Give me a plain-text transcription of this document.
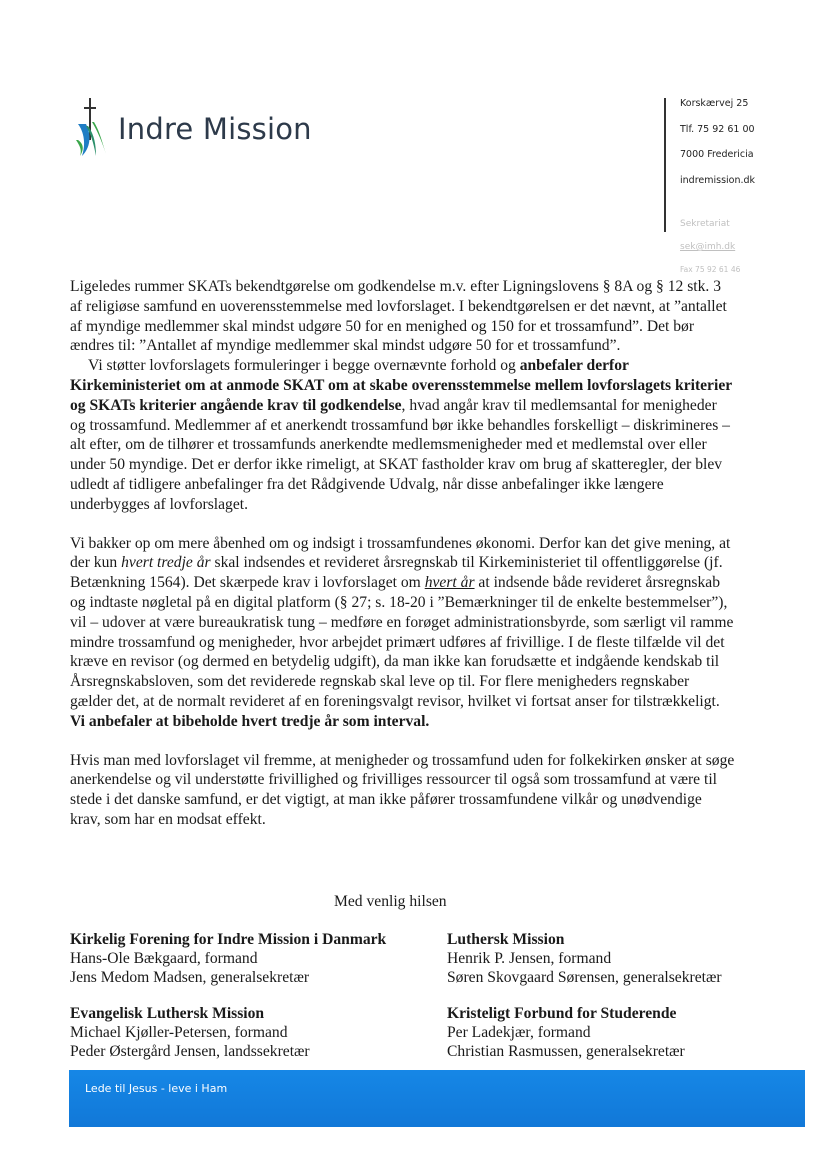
Indre Mission
Korskærvej 25
Tlf. 75 92 61 00
7000 Fredericia
indremission.dk
Sekretariat
sek@imh.dk
Fax 75 92 61 46

Ligeledes rummer SKATs bekendtgørelse om godkendelse m.v. efter Ligningslovens § 8A og § 12 stk. 3 af religiøse samfund en uoverensstemmelse med lovforslaget. I bekendtgørelsen er det nævnt, at ”antallet af myndige medlemmer skal mindst udgøre 50 for en menighed og 150 for et trossamfund”. Det bør ændres til: ”Antallet af myndige medlemmer skal mindst udgøre 50 for et trossamfund”.

Vi støtter lovforslagets formuleringer i begge overnævnte forhold og anbefaler derfor Kirkeministeriet om at anmode SKAT om at skabe overensstemmelse mellem lovforslagets kriterier og SKATs kriterier angående krav til godkendelse, hvad angår krav til medlemsantal for menigheder og trossamfund. Medlemmer af et anerkendt trossamfund bør ikke behandles forskelligt – diskrimineres – alt efter, om de tilhører et trossamfunds anerkendte medlemsmenigheder med et medlemstal over eller under 50 myndige. Det er derfor ikke rimeligt, at SKAT fastholder krav om brug af skatteregler, der blev udledt af tidligere anbefalinger fra det Rådgivende Udvalg, når disse anbefalinger ikke længere underbygges af lovforslaget.

Vi bakker op om mere åbenhed om og indsigt i trossamfundenes økonomi. Derfor kan det give mening, at der kun hvert tredje år skal indsendes et revideret årsregnskab til Kirkeministeriet til offentliggørelse (jf. Betænkning 1564). Det skærpede krav i lovforslaget om hvert år at indsende både revideret årsregnskab og indtaste nøgletal på en digital platform (§ 27; s. 18-20 i ”Bemærkninger til de enkelte bestemmelser”), vil – udover at være bureaukratisk tung – medføre en forøget administrationsbyrde, som særligt vil ramme mindre trossamfund og menigheder, hvor arbejdet primært udføres af frivillige. I de fleste tilfælde vil det kræve en revisor (og dermed en betydelig udgift), da man ikke kan forudsætte et indgående kendskab til Årsregnskabsloven, som det reviderede regnskab skal leve op til. For flere menigheders regnskaber gælder det, at de normalt revideret af en foreningsvalgt revisor, hvilket vi fortsat anser for tilstrækkeligt. Vi anbefaler at bibeholde hvert tredje år som interval.

Hvis man med lovforslaget vil fremme, at menigheder og trossamfund uden for folkekirken ønsker at søge anerkendelse og vil understøtte frivillighed og frivilliges ressourcer til også som trossamfund at være til stede i det danske samfund, er det vigtigt, at man ikke påfører trossamfundene vilkår og unødvendige krav, som har en modsat effekt.

Med venlig hilsen
Kirkelig Forening for Indre Mission i Danmark
Hans-Ole Bækgaard, formand
Jens Medom Madsen, generalsekretær
Luthersk Mission
Henrik P. Jensen, formand
Søren Skovgaard Sørensen, generalsekretær
Evangelisk Luthersk Mission
Michael Kjøller-Petersen, formand
Peder Østergård Jensen, landssekretær
Kristeligt Forbund for Studerende
Per Ladekjær, formand
Christian Rasmussen, generalsekretær
Lede til Jesus - leve i Ham
